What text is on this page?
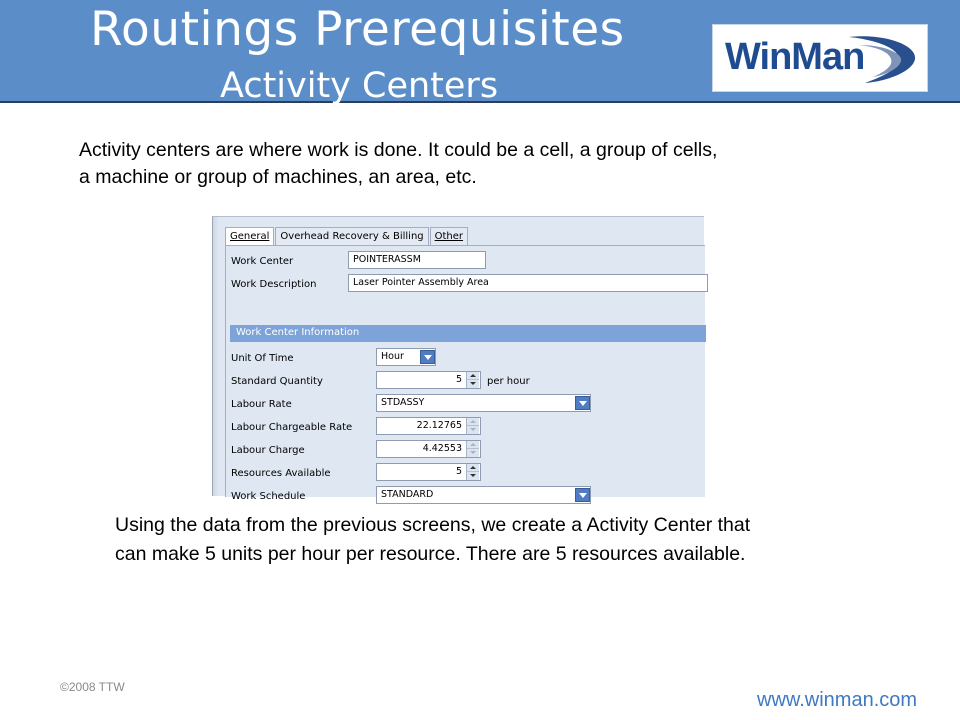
Routings Prerequisites
Activity Centers
WinMan
Activity centers are where work is done. It could be a cell, a group of cells,
a machine or group of machines, an area, etc.
General	Overhead Recovery & Billing	Other
Work Center	POINTERASSM
Work Description	Laser Pointer Assembly Area
Work Center Information
Unit Of Time	Hour
Standard Quantity	5	per hour
Labour Rate	STDASSY
Labour Chargeable Rate	22.12765
Labour Charge	4.42553
Resources Available	5
Work Schedule	STANDARD
Using the data from the previous screens, we create a Activity Center that
can make 5 units per hour per resource. There are 5 resources available.
©2008 TTW
www.winman.com
